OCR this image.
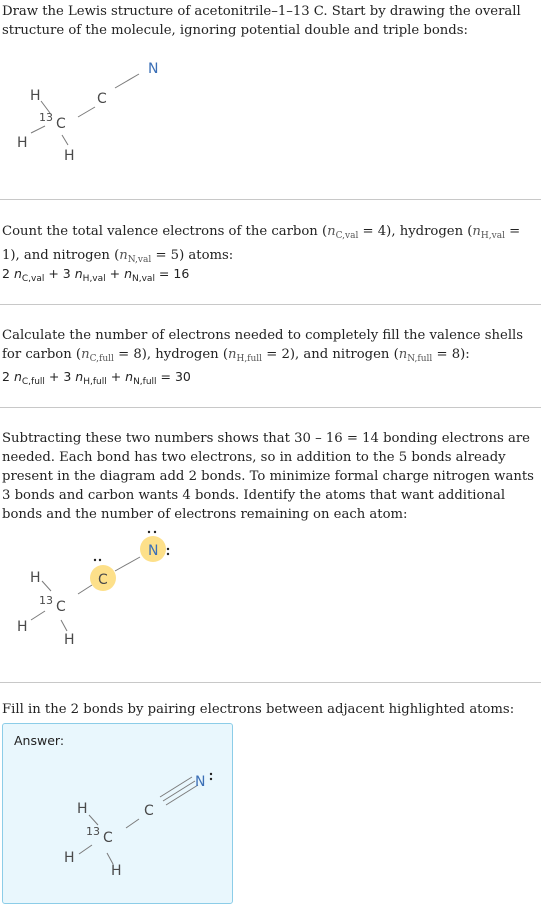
Draw the Lewis structure of acetonitrile–1–13 C. Start by drawing the overall structure of the molecule, ignoring potential double and triple bonds:
N
C
H
13 C
H
H
Count the total valence electrons of the carbon $(n_{C,val} = 4)$, hydrogen $(n_{H,val} = 1)$, and nitrogen $(n_{N,val} = 5)$ atoms:
2 $n_{C,val} + 3$ $n_{H,val} + n_{N,val} = 16$
Calculate the number of electrons needed to completely fill the valence shells for carbon $(n_{C,full} = 8)$, hydrogen $(n_{H,full} = 2)$, and nitrogen $(n_{N,full} = 8)$:
2 $n_{C,full} + 3$ $n_{H,full} + n_{N,full} = 30$
Subtracting these two numbers shows that 30 – 16 = 14 bonding electrons are needed. Each bond has two electrons, so in addition to the 5 bonds already present in the diagram add 2 bonds. To minimize formal charge nitrogen wants 3 bonds and carbon wants 4 bonds. Identify the atoms that want additional bonds and the number of electrons remaining on each atom:
N
C
H
13 C
H
H
Fill in the 2 bonds by pairing electrons between adjacent highlighted atoms:
Answer:
N
C
H
13 C
H
H
